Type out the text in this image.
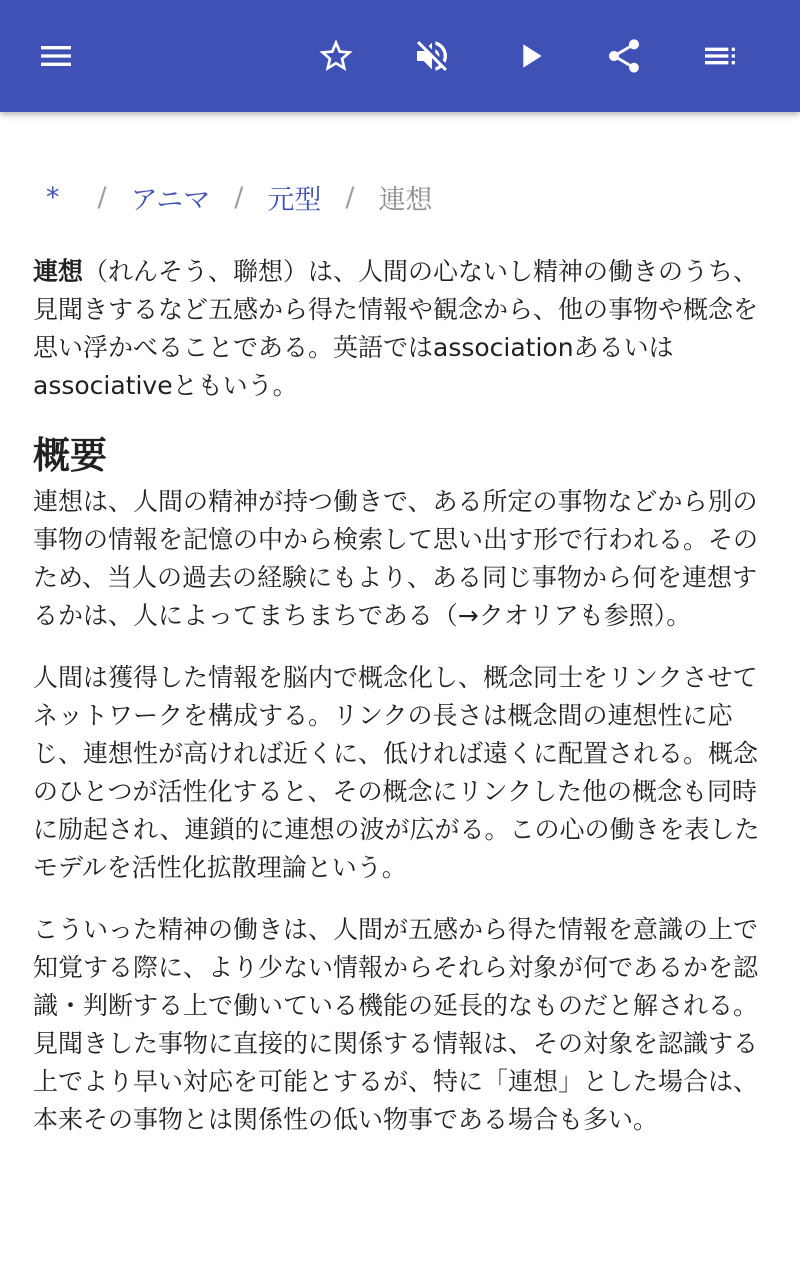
*	/ アニマ / 元型 / 連想

連想（れんそう、聯想）は、人間の心ないし精神の働きのうち、見聞きするなど五感から得た情報や観念から、他の事物や概念を思い浮かべることである。英語ではassociationあるいはassociativeともいう。

概要

連想は、人間の精神が持つ働きで、ある所定の事物などから別の事物の情報を記憶の中から検索して思い出す形で行われる。そのため、当人の過去の経験にもより、ある同じ事物から何を連想するかは、人によってまちまちである（→クオリアも参照）。

人間は獲得した情報を脳内で概念化し、概念同士をリンクさせてネットワークを構成する。リンクの長さは概念間の連想性に応じ、連想性が高ければ近くに、低ければ遠くに配置される。概念のひとつが活性化すると、その概念にリンクした他の概念も同時に励起され、連鎖的に連想の波が広がる。この心の働きを表したモデルを活性化拡散理論という。

こういった精神の働きは、人間が五感から得た情報を意識の上で知覚する際に、より少ない情報からそれら対象が何であるかを認識・判断する上で働いている機能の延長的なものだと解される。見聞きした事物に直接的に関係する情報は、その対象を認識する上でより早い対応を可能とするが、特に「連想」とした場合は、本来その事物とは関係性の低い物事である場合も多い。
